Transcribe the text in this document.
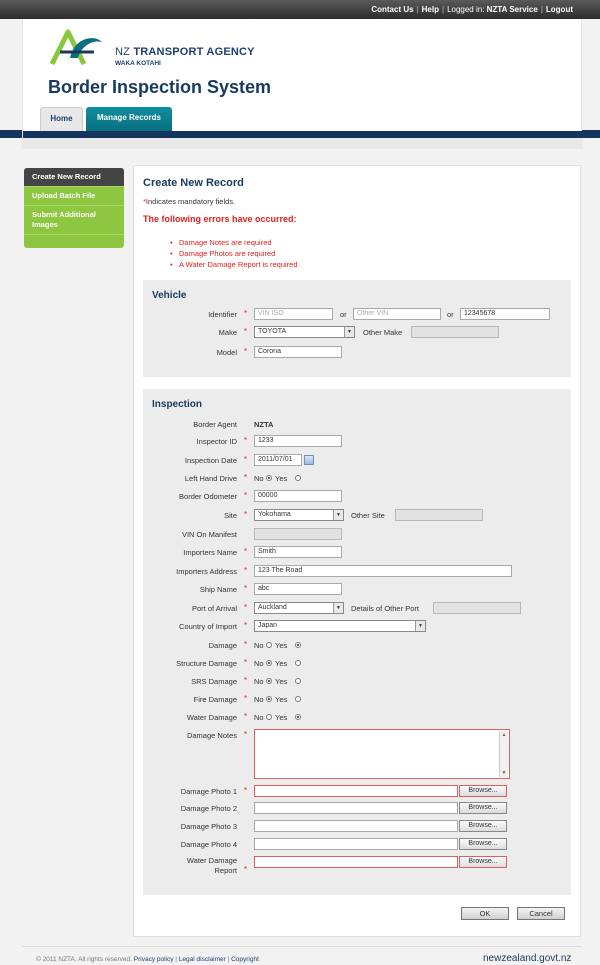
Contact Us | Help | Logged in: NZTA Service | Logout
NZ TRANSPORT AGENCY
WAKA KOTAHI
Border Inspection System
Home	Manage Records
Create New Record
Upload Batch File
Submit Additional Images
Create New Record
*Indicates mandatory fields.
The following errors have occurred:
• Damage Notes are required
• Damage Photos are required
• A Water Damage Report is required
Vehicle
Identifier *	VIN ISO	or	Other VIN	or	12345678
Make *	TOYOTA	▼ Other Make
Model *	Corona
Inspection
Border Agent NZTA
Inspector ID *	1233
Inspection Date *	2011/07/01
Left Hand Drive * No Yes
Border Odometer *	00000
Site *	Yokohama	▼ Other Site
VIN On Manifest
Importers Name *	Smith
Importers Address *	123 The Road
Ship Name *	abc
Port of Arrival *	Auckland	▼ Details of Other Port
Country of Import *	Japan	▼
Damage * No Yes
Structure Damage * No Yes
SRS Damage * No Yes
Fire Damage * No Yes
Water Damage * No Yes
Damage Notes *	▲
▼
Damage Photo 1 *	Browse...
Damage Photo 2	Browse...
Damage Photo 3	Browse...
Damage Photo 4	Browse...
Water Damage
Report *
Browse...
OK	Cancel
© 2011 NZTA. All rights reserved. Privacy policy | Legal disclaimer | Copyright	newzealand.govt.nz
